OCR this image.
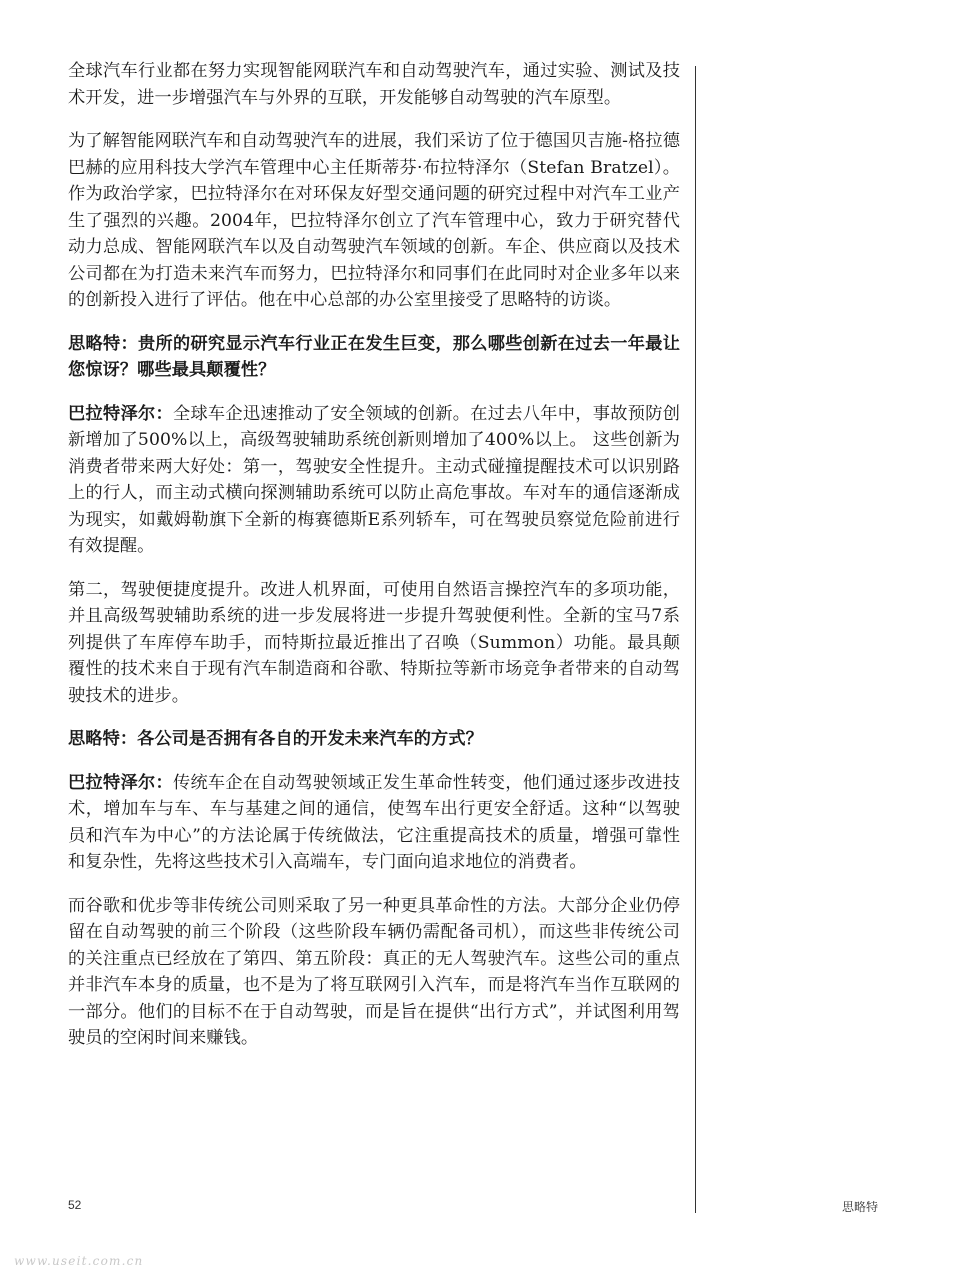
全球汽车行业都在努力实现智能网联汽车和自动驾驶汽车，通过实验、测试及技术开发，进一步增强汽车与外界的互联，开发能够自动驾驶的汽车原型。

为了解智能网联汽车和自动驾驶汽车的进展，我们采访了位于德国贝吉施-格拉德巴赫的应用科技大学汽车管理中心主任斯蒂芬·布拉特泽尔（Stefan Bratzel）。 作为政治学家，巴拉特泽尔在对环保友好型交通问题的研究过程中对汽车工业产生了强烈的兴趣。2004年，巴拉特泽尔创立了汽车管理中心，致力于研究替代动力总成、智能网联汽车以及自动驾驶汽车领域的创新。车企、供应商以及技术公司都在为打造未来汽车而努力，巴拉特泽尔和同事们在此同时对企业多年以来的创新投入进行了评估。他在中心总部的办公室里接受了思略特的访谈。

思略特：贵所的研究显示汽车行业正在发生巨变，那么哪些创新在过去一年最让您惊讶？哪些最具颠覆性？

巴拉特泽尔：全球车企迅速推动了安全领域的创新。在过去八年中，事故预防创新增加了500%以上，高级驾驶辅助系统创新则增加了400%以上。 这些创新为消费者带来两大好处：第一，驾驶安全性提升。主动式碰撞提醒技术可以识别路上的行人，而主动式横向探测辅助系统可以防止高危事故。车对车的通信逐渐成为现实，如戴姆勒旗下全新的梅赛德斯E系列轿车，可在驾驶员察觉危险前进行有效提醒。

第二，驾驶便捷度提升。改进人机界面，可使用自然语言操控汽车的多项功能，并且高级驾驶辅助系统的进一步发展将进一步提升驾驶便利性。全新的宝马7系列提供了车库停车助手，而特斯拉最近推出了召唤（Summon）功能。最具颠覆性的技术来自于现有汽车制造商和谷歌、特斯拉等新市场竞争者带来的自动驾驶技术的进步。

思略特：各公司是否拥有各自的开发未来汽车的方式？

巴拉特泽尔：传统车企在自动驾驶领域正发生革命性转变，他们通过逐步改进技术，增加车与车、车与基建之间的通信，使驾车出行更安全舒适。这种“以驾驶员和汽车为中心”的方法论属于传统做法，它注重提高技术的质量，增强可靠性和复杂性，先将这些技术引入高端车，专门面向追求地位的消费者。

而谷歌和优步等非传统公司则采取了另一种更具革命性的方法。大部分企业仍停留在自动驾驶的前三个阶段（这些阶段车辆仍需配备司机），而这些非传统公司的关注重点已经放在了第四、第五阶段：真正的无人驾驶汽车。这些公司的重点并非汽车本身的质量，也不是为了将互联网引入汽车，而是将汽车当作互联网的一部分。他们的目标不在于自动驾驶，而是旨在提供“出行方式”，并试图利用驾驶员的空闲时间来赚钱。

52	思略特
www.useit.com.cn
